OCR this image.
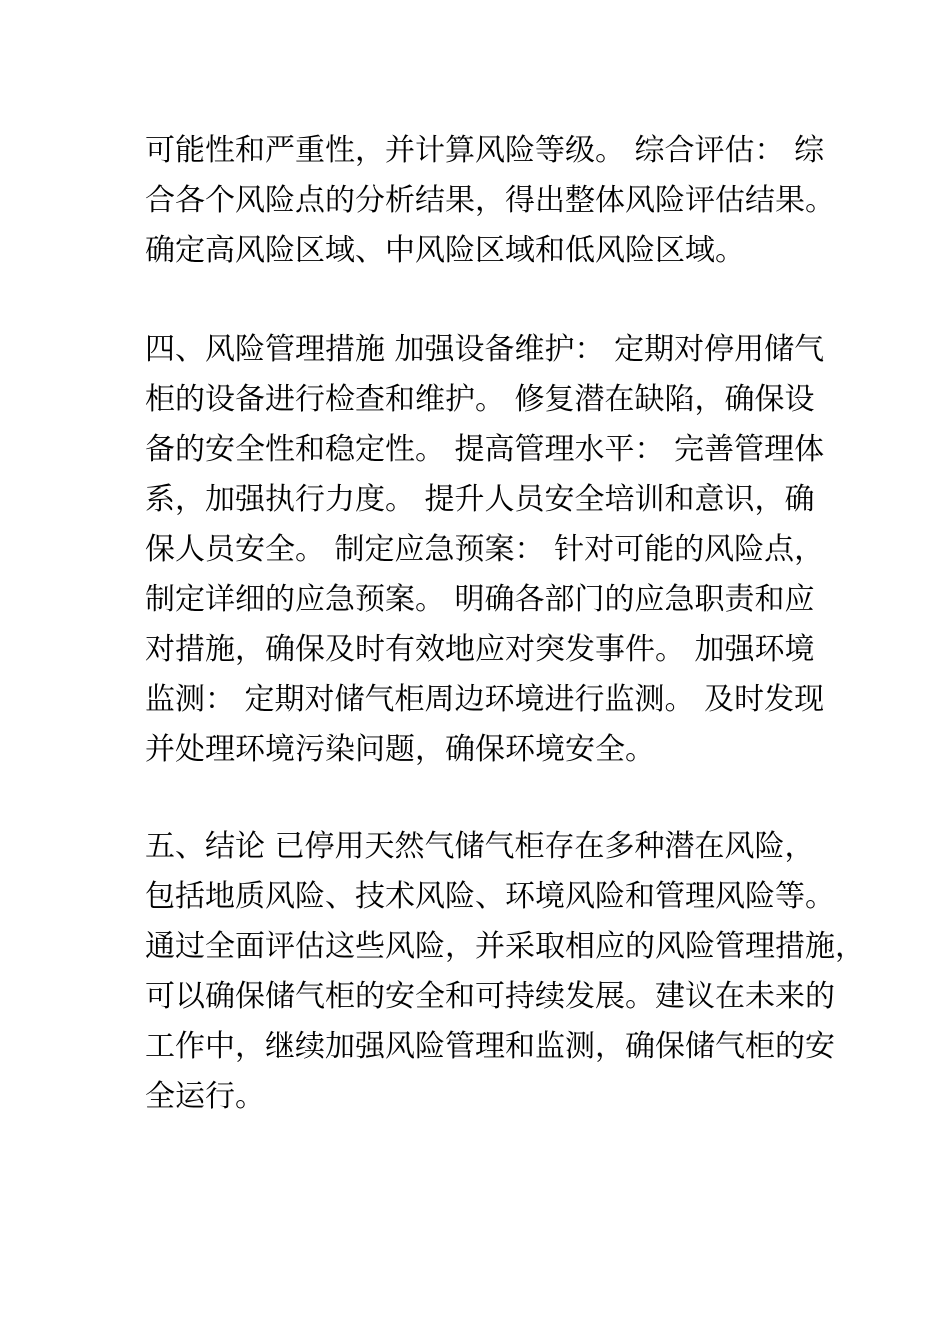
可能性和严重性，并计算风险等级。 综合评估： 综
合各个风险点的分析结果，得出整体风险评估结果。
确定高风险区域、中风险区域和低风险区域。
四、风险管理措施 加强设备维护： 定期对停用储气
柜的设备进行检查和维护。 修复潜在缺陷，确保设
备的安全性和稳定性。 提高管理水平： 完善管理体
系，加强执行力度。 提升人员安全培训和意识，确
保人员安全。 制定应急预案： 针对可能的风险点，
制定详细的应急预案。 明确各部门的应急职责和应
对措施，确保及时有效地应对突发事件。 加强环境
监测： 定期对储气柜周边环境进行监测。 及时发现
并处理环境污染问题，确保环境安全。
五、结论 已停用天然气储气柜存在多种潜在风险，
包括地质风险、技术风险、环境风险和管理风险等。
通过全面评估这些风险，并采取相应的风险管理措施，
可以确保储气柜的安全和可持续发展。建议在未来的
工作中，继续加强风险管理和监测，确保储气柜的安
全运行。
